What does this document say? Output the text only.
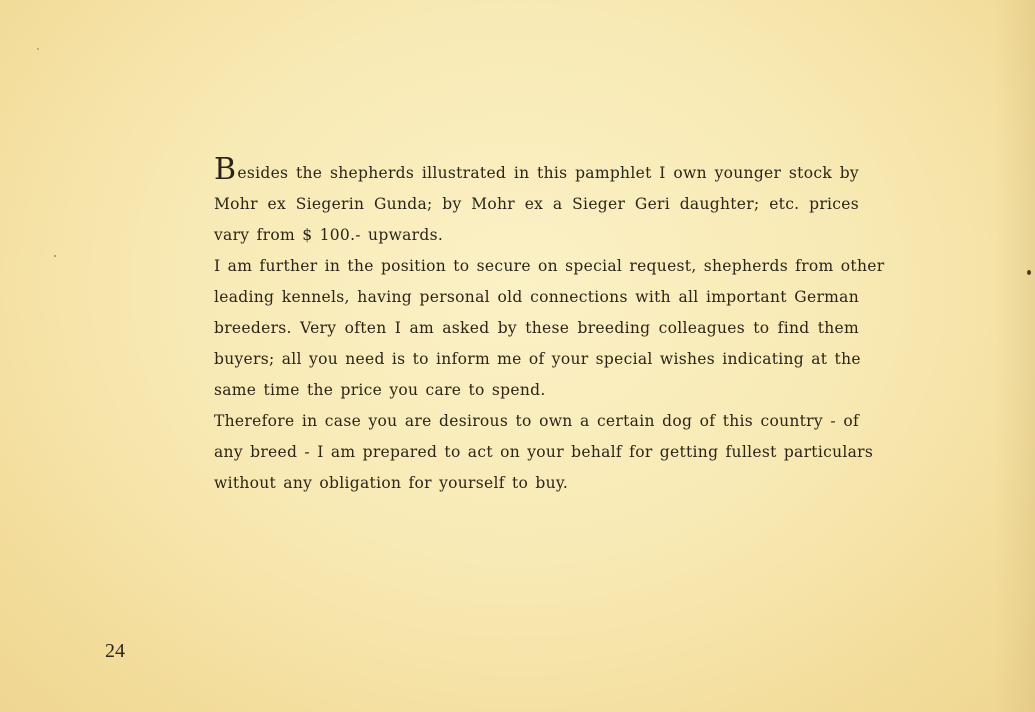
Besides the shepherds illustrated in this pamphlet I own younger stock by
Mohr ex Siegerin Gunda; by Mohr ex a Sieger Geri daughter; etc. prices
vary from $ 100.- upwards.
I am further in the position to secure on special request, shepherds from other
leading kennels, having personal old connections with all important German
breeders. Very often I am asked by these breeding colleagues to find them
buyers; all you need is to inform me of your special wishes indicating at the
same time the price you care to spend.
Therefore in case you are desirous to own a certain dog of this country - of
any breed - I am prepared to act on your behalf for getting fullest particulars
without any obligation for yourself to buy.
24
